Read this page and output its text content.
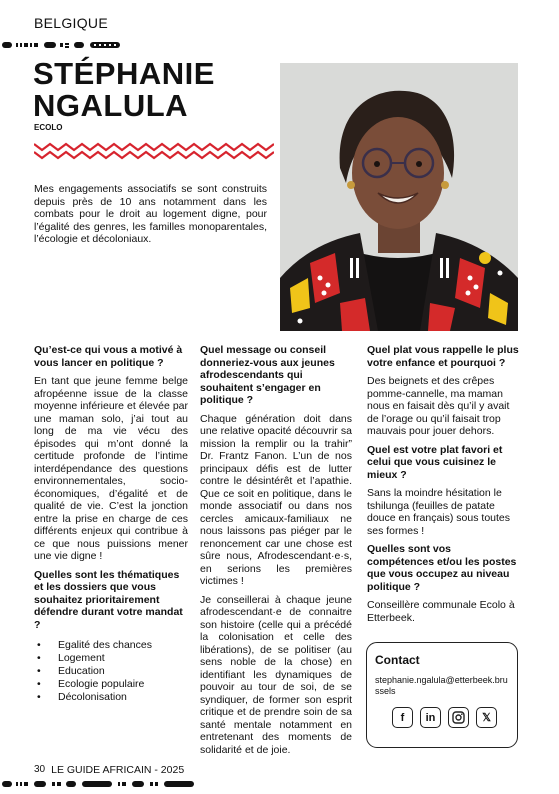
BELGIQUE
STÉPHANIE
NGALULA
ECOLO
Mes engagements associatifs se sont construits depuis près de 10 ans notamment dans les combats pour le droit au logement digne, pour l’égalité des genres, les familles monoparentales, l’écologie et décoloniaux.
Qu’est-ce qui vous a motivé à vous lancer en politique ?

En tant que jeune femme belge afropéenne issue de la classe moyenne inférieure et élevée par une maman solo, j’ai tout au long de ma vie vécu des épisodes qui m’ont donné la certitude profonde de l’intime interdépendance des questions environnementales, socio-économiques, d’égalité et de qualité de vie. C’est la jonction entre la prise en charge de ces différents enjeux qui contribue à ce que nous puissions mener une vie digne !

Quelles sont les thématiques et les dossiers que vous souhaitez prioritairement défendre durant votre mandat ?
•	Egalité des chances
•	Logement
•	Education
•	Ecologie populaire
•	Décolonisation
Quel message ou conseil donneriez-vous aux jeunes afrodescendants qui souhaitent s’engager en politique ?

Chaque génération doit dans une relative opacité découvrir sa mission la remplir ou la trahir” Dr. Frantz Fanon. L’un de nos principaux défis est de lutter contre le désintérêt et l’apathie. Que ce soit en politique, dans le monde associatif ou dans nos cercles amicaux-familiaux ne nous laissons pas piéger par le renoncement car une chose est sûre nous, Afrodescendant·e·s, en serions les premières victimes !

Je conseillerai à chaque jeune afrodescendant·e de connaitre son histoire (celle qui a précédé la colonisation et celle des libérations), de se politiser (au sens noble de la chose) en identifiant les dynamiques de pouvoir au tour de soi, de se syndiquer, de former son esprit critique et de prendre soin de sa santé mentale notamment en entretenant des moments de solidarité et de joie.

Quel plat vous rappelle le plus votre enfance et pourquoi ?

Des beignets et des crêpes pomme-cannelle, ma maman nous en faisait dès qu’il y avait de l’orage ou qu’il faisait trop mauvais pour jouer dehors.

Quel est votre plat favori et celui que vous cuisinez le mieux ?

Sans la moindre hésitation le tshilunga (feuilles de patate douce en français) sous toutes ses formes !

Quelles sont vos compétences et/ou les postes que vous occupez au niveau politique ?

Conseillère communale Ecolo à Etterbeek.

Contact
stephanie.ngalula@etterbeek.brussels
f	in	𝕏
30 LE GUIDE AFRICAIN - 2025
